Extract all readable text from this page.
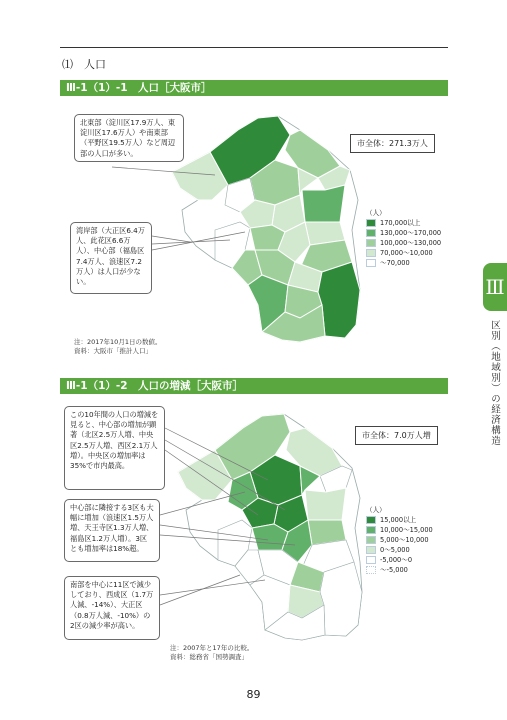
⑴　人口
Ⅲ-1（1）-1　人口［大阪市］
北東部（淀川区17.9万人、東淀川区17.6万人）や南東部（平野区19.5万人）など周辺部の人口が多い。
湾岸部（大正区6.4万人、此花区6.6万人）、中心部（福島区7.4万人、浪速区7.2万人）は人口が少ない。
市全体：271.3万人
（人）
170,000以上
130,000～170,000
100,000～130,000
70,000～10,000
～70,000
注：2017年10月1日の数値。
資料：大阪市「推計人口」
Ⅲ-1（1）-2　人口の増減［大阪市］
この10年間の人口の増減を見ると、中心部の増加が顕著（北区2.5万人増、中央区2.5万人増、西区2.1万人増）。中央区の増加率は35%で市内最高。
中心部に隣接する3区も大幅に増加（浪速区1.5万人増、天王寺区1.3万人増、福島区1.2万人増）。3区とも増加率は18%超。
南部を中心に11区で減少しており、西成区（1.7万人減、-14%）、大正区（0.8万人減、-10%）の2区の減少率が高い。
市全体：7.0万人増
（人）
15,000以上
10,000～15,000
5,000～10,000
0～5,000
-5,000～0
～-5,000
注：2007年と17年の比較。
資料：総務省「国勢調査」
Ⅲ
区別（地域別）の経済構造
89
